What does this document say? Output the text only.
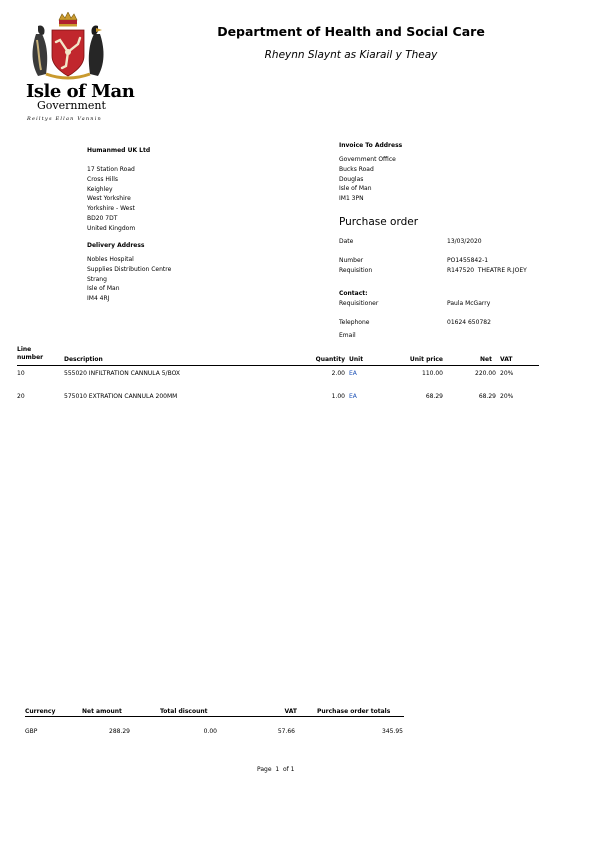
Isle of Man
Government
Reiltys Ellan Vannin
Department of Health and Social Care
Rheynn Slaynt as Kiarail y Theay
Humanmed UK Ltd
17 Station Road
Cross Hills
Keighley
West Yorkshire
Yorkshire - West
BD20 7DT
United Kingdom
Invoice To Address
Government Office
Bucks Road
Douglas
Isle of Man
IM1 3PN
Purchase order
Date	13/03/2020
Number	PO1455842-1
Requisition	R147520  THEATRE R.JOEY
Delivery Address
Nobles Hospital
Supplies Distribution Centre
Strang
Isle of Man
IM4 4RJ
Contact:
Requisitioner	Paula McGarry
Telephone	01624 650782
Email
Line
number	Description	Quantity Unit	Unit price	Net VAT
10	555020 INFILTRATION CANNULA 5/BOX	2.00 EA	110.00	220.00 20%
20	575010 EXTRATION CANNULA 200MM	1.00 EA	68.29	68.29 20%
Currency	Net amount	Total discount	VAT	Purchase order totals
GBP	288.29	0.00	57.66	345.95
Page  1  of 1
